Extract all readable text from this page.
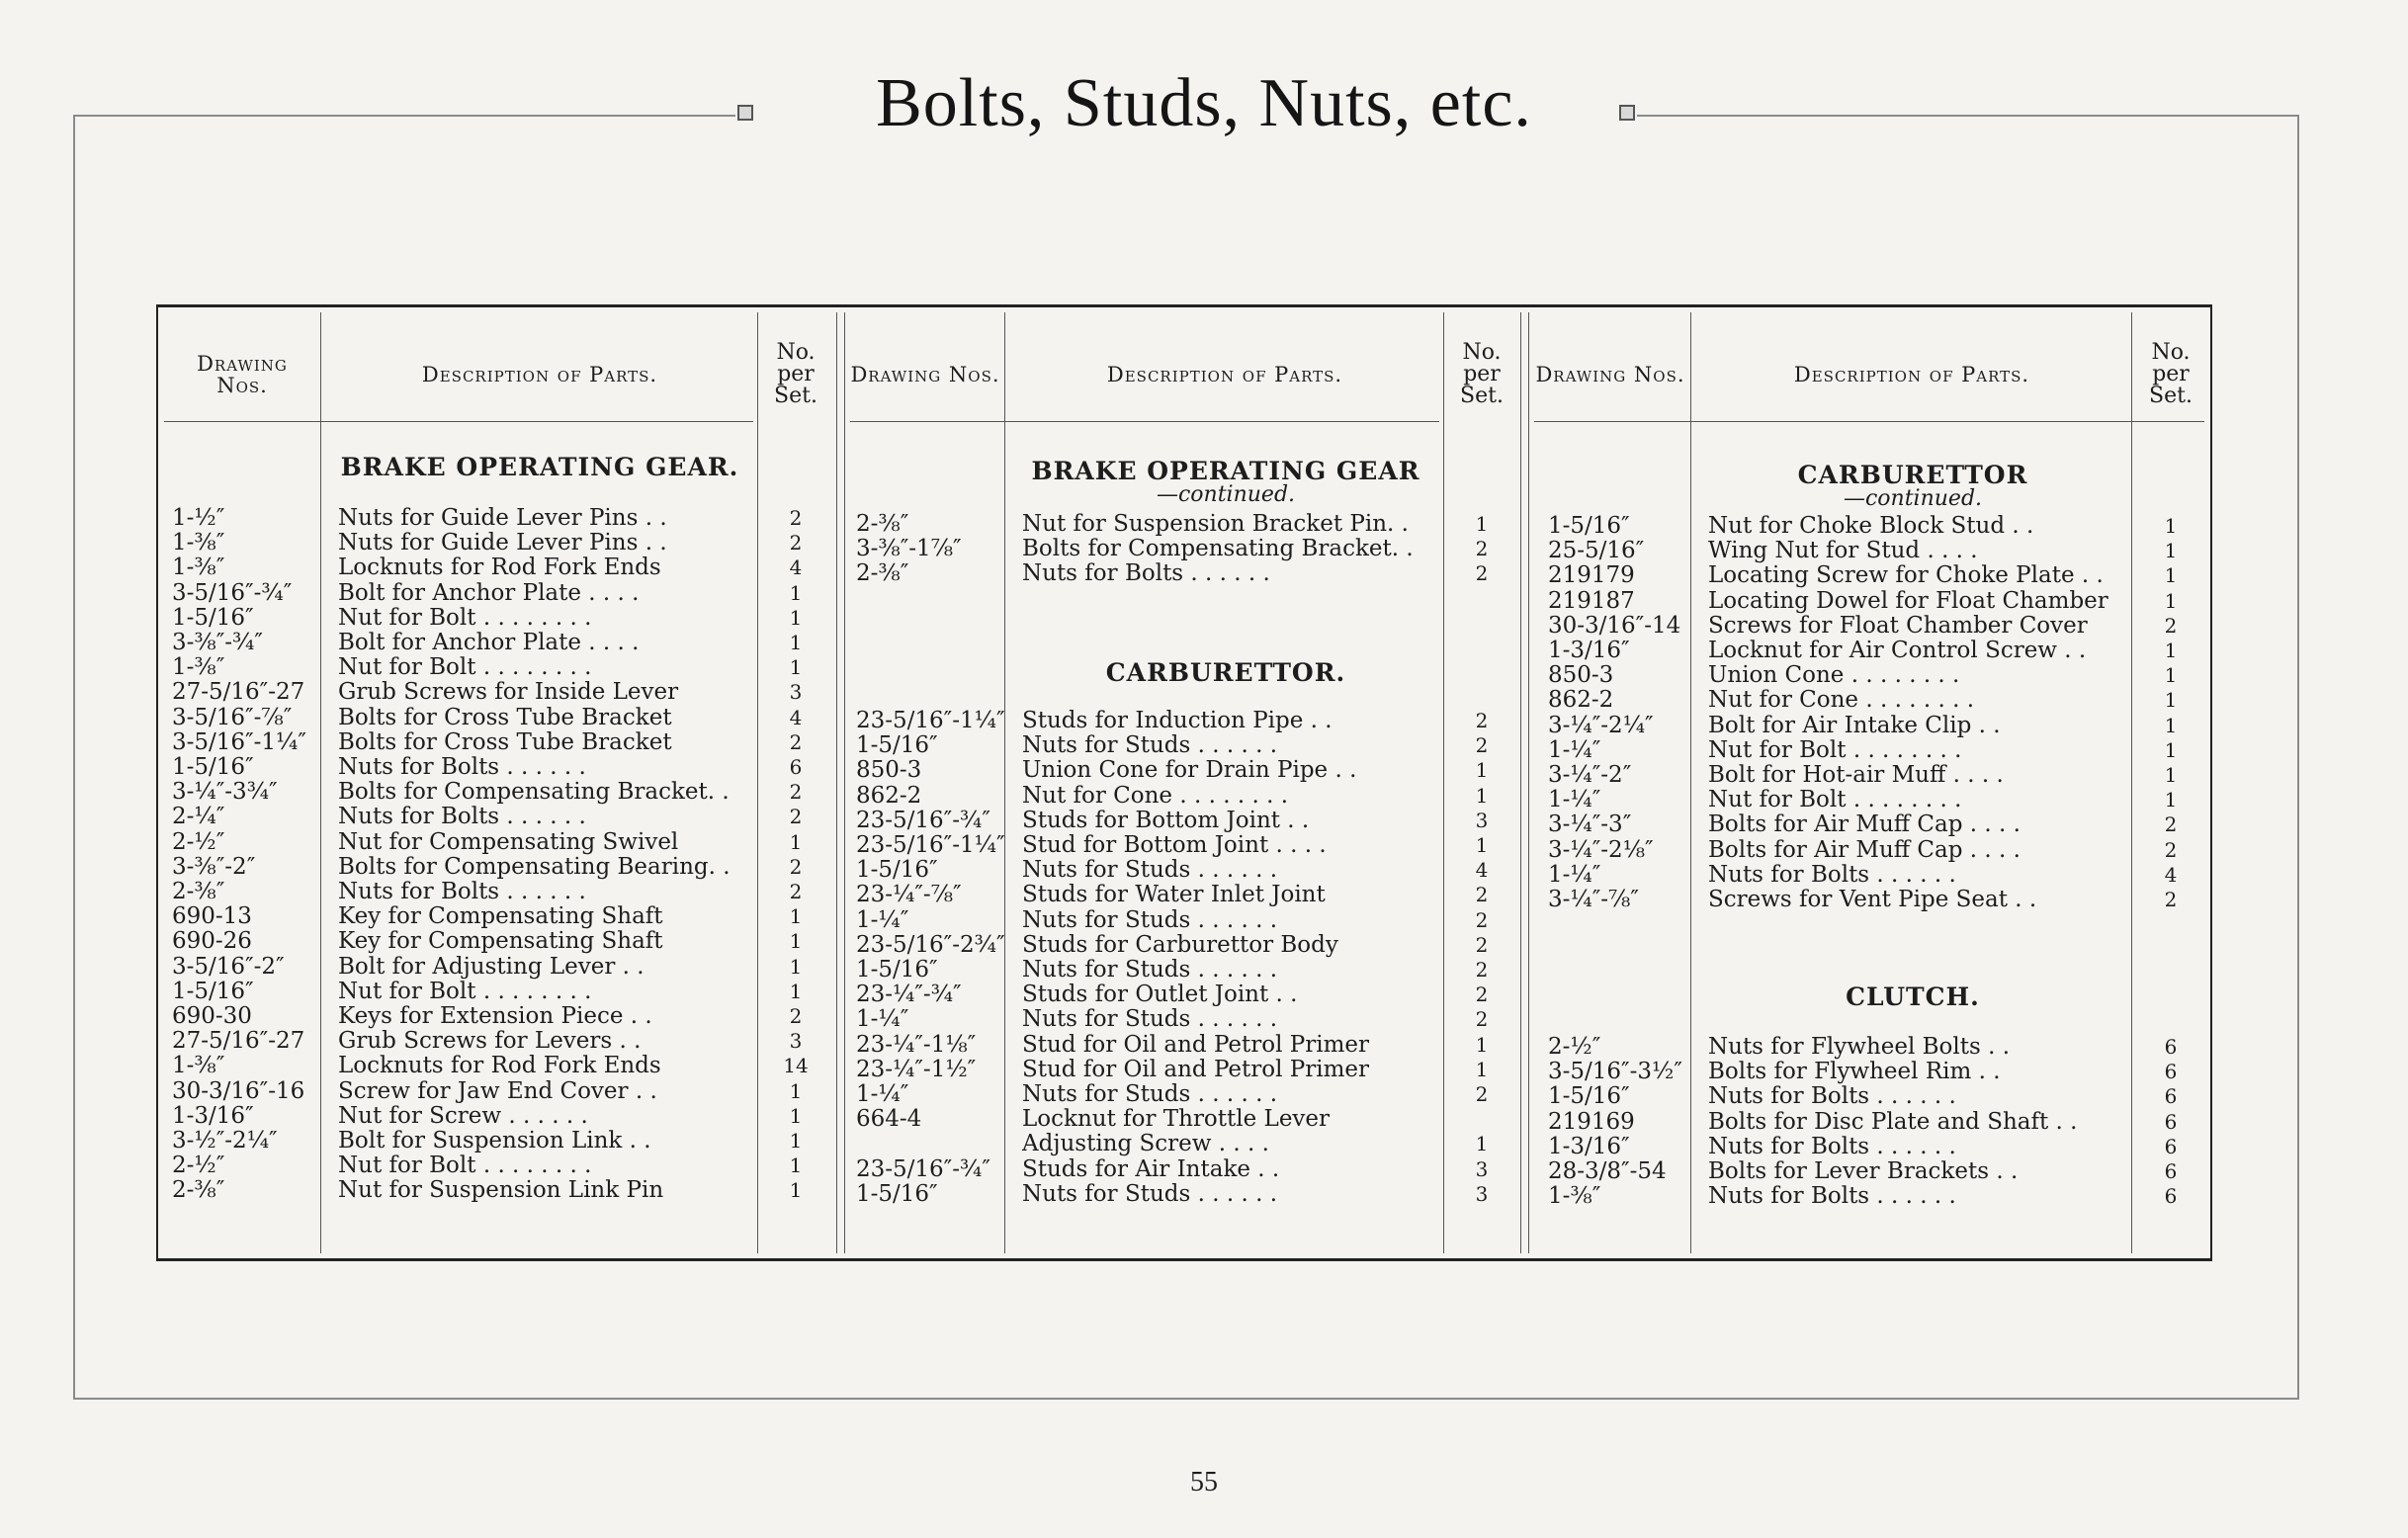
Bolts, Studs, Nuts, etc.
Drawing Nos.	Description of Parts.
No. per Set.
Drawing Nos.	Description of Parts.
No. per Set.
Drawing Nos.	Description of Parts.
No. per Set.
BRAKE OPERATING GEAR.
1-½″	Nuts for Guide Lever Pins . .	2
1-⅜″	Nuts for Guide Lever Pins . .	2
1-⅜″	Locknuts for Rod Fork Ends	4
3-5/16″-¾″	Bolt for Anchor Plate . . . .	1
1-5/16″	Nut for Bolt . . . . . . . .	1
3-⅜″-¾″	Bolt for Anchor Plate . . . .	1
1-⅜″	Nut for Bolt . . . . . . . .	1
27-5/16″-27	Grub Screws for Inside Lever	3
3-5/16″-⅞″	Bolts for Cross Tube Bracket	4
3-5/16″-1¼″	Bolts for Cross Tube Bracket	2
1-5/16″	Nuts for Bolts . . . . . .	6
3-¼″-3¾″	Bolts for Compensating Bracket. .	2
2-¼″	Nuts for Bolts . . . . . .	2
2-½″	Nut for Compensating Swivel	1
3-⅜″-2″	Bolts for Compensating Bearing. .	2
2-⅜″	Nuts for Bolts . . . . . .	2
690-13	Key for Compensating Shaft	1
690-26	Key for Compensating Shaft	1
3-5/16″-2″	Bolt for Adjusting Lever . .	1
1-5/16″	Nut for Bolt . . . . . . . .	1
690-30	Keys for Extension Piece . .	2
27-5/16″-27	Grub Screws for Levers . .	3
1-⅜″	Locknuts for Rod Fork Ends	14
30-3/16″-16	Screw for Jaw End Cover . .	1
1-3/16″	Nut for Screw . . . . . .	1
3-½″-2¼″	Bolt for Suspension Link . .	1
2-½″	Nut for Bolt . . . . . . . .	1
2-⅜″	Nut for Suspension Link Pin	1
BRAKE OPERATING GEAR
—continued.
2-⅜″	Nut for Suspension Bracket Pin. .	1
3-⅜″-1⅞″	Bolts for Compensating Bracket. .	2
2-⅜″	Nuts for Bolts . . . . . .	2
CARBURETTOR.
23-5/16″-1¼″ Studs for Induction Pipe . .	2
1-5/16″	Nuts for Studs . . . . . .	2
850-3	Union Cone for Drain Pipe . .	1
862-2	Nut for Cone . . . . . . . .	1
23-5/16″-¾″	Studs for Bottom Joint . .	3
23-5/16″-1¼″ Stud for Bottom Joint . . . .	1
1-5/16″	Nuts for Studs . . . . . .	4
23-¼″-⅞″	Studs for Water Inlet Joint	2
1-¼″	Nuts for Studs . . . . . .	2
23-5/16″-2¾″ Studs for Carburettor Body	2
1-5/16″	Nuts for Studs . . . . . .	2
23-¼″-¾″	Studs for Outlet Joint . .	2
1-¼″	Nuts for Studs . . . . . .	2
23-¼″-1⅛″	Stud for Oil and Petrol Primer	1
23-¼″-1½″	Stud for Oil and Petrol Primer	1
1-¼″	Nuts for Studs . . . . . .	2
664-4	Locknut for Throttle Lever
Adjusting Screw . . . .	1
23-5/16″-¾″	Studs for Air Intake . .	3
1-5/16″	Nuts for Studs . . . . . .	3
CARBURETTOR
—continued.
1-5/16″	Nut for Choke Block Stud . .	1
25-5/16″	Wing Nut for Stud . . . .	1
219179	Locating Screw for Choke Plate . .	1
219187	Locating Dowel for Float Chamber	1
30-3/16″-14	Screws for Float Chamber Cover	2
1-3/16″	Locknut for Air Control Screw . .	1
850-3	Union Cone . . . . . . . .	1
862-2	Nut for Cone . . . . . . . .	1
3-¼″-2¼″	Bolt for Air Intake Clip . .	1
1-¼″	Nut for Bolt . . . . . . . .	1
3-¼″-2″	Bolt for Hot-air Muff . . . .	1
1-¼″	Nut for Bolt . . . . . . . .	1
3-¼″-3″	Bolts for Air Muff Cap . . . .	2
3-¼″-2⅛″	Bolts for Air Muff Cap . . . .	2
1-¼″	Nuts for Bolts . . . . . .	4
3-¼″-⅞″	Screws for Vent Pipe Seat . .	2
CLUTCH.
2-½″	Nuts for Flywheel Bolts . .	6
3-5/16″-3½″	Bolts for Flywheel Rim . .	6
1-5/16″	Nuts for Bolts . . . . . .	6
219169	Bolts for Disc Plate and Shaft . .	6
1-3/16″	Nuts for Bolts . . . . . .	6
28-3/8″-54	Bolts for Lever Brackets . .	6
1-⅜″	Nuts for Bolts . . . . . .	6
55
